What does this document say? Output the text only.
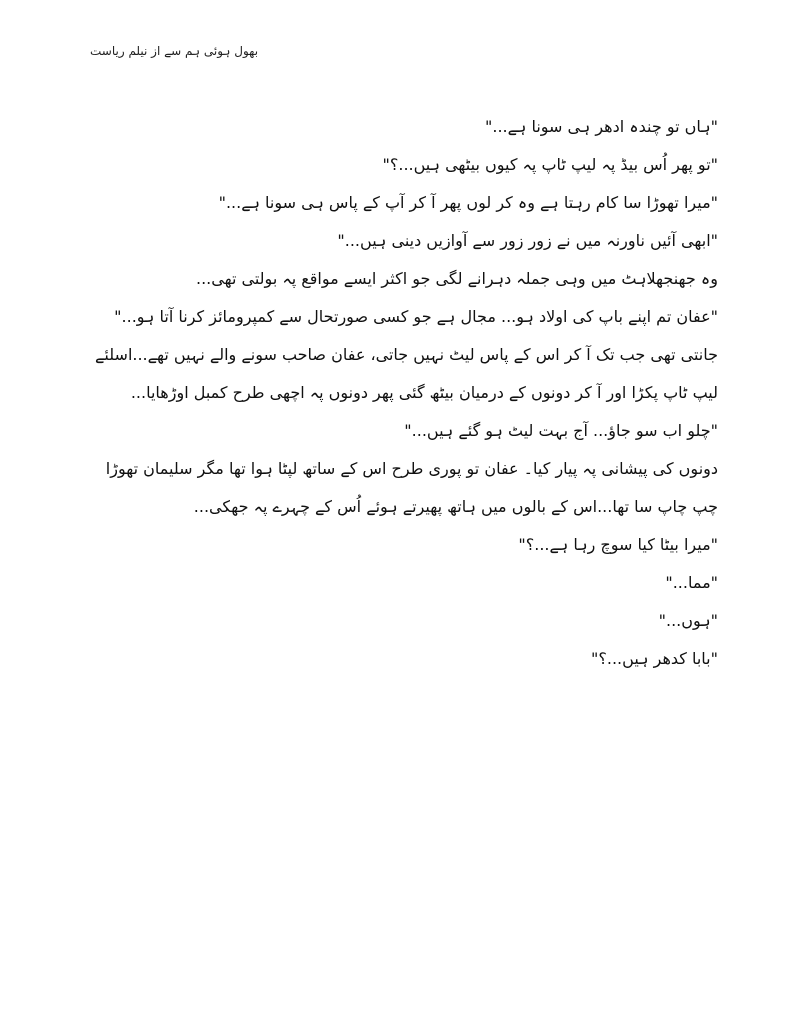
بھول ہوئی ہم سے از نیلم ریاست

"ہاں تو چندہ ادھر ہی سونا ہے..."

"تو پھر اُس بیڈ پہ لیپ ٹاپ پہ کیوں بیٹھی ہیں...؟"

"میرا تھوڑا سا کام رہتا ہے وہ کر لوں پھر آ کر آپ کے پاس ہی سونا ہے..."

"ابھی آئیں ناورنہ میں نے زور زور سے آوازیں دینی ہیں..."

وہ جھنجھلاہٹ میں وہی جملہ دہرانے لگی جو اکثر ایسے مواقع پہ بولتی تھی...

"عفان تم اپنے باپ کی اولاد ہو... مجال ہے جو کسی صورتحال سے کمپرومائز کرنا آتا ہو..."

جانتی تھی جب تک آ کر اس کے پاس لیٹ نہیں جاتی، عفان صاحب سونے والے نہیں تھے...اسلئے لیپ ٹاپ پکڑا اور آ کر دونوں کے درمیان بیٹھ گئی پھر دونوں پہ اچھی طرح کمبل اوڑھایا...

"چلو اب سو جاؤ... آج بہت لیٹ ہو گئے ہیں..."

دونوں کی پیشانی پہ پیار کیا۔ عفان تو پوری طرح اس کے ساتھ لپٹا ہوا تھا مگر سلیمان تھوڑا چپ چاپ سا تھا...اس کے بالوں میں ہاتھ پھیرتے ہوئے اُس کے چہرے پہ جھکی...

"میرا بیٹا کیا سوچ رہا ہے...؟"

"مما..."

"ہوں..."

"بابا کدھر ہیں...؟"
